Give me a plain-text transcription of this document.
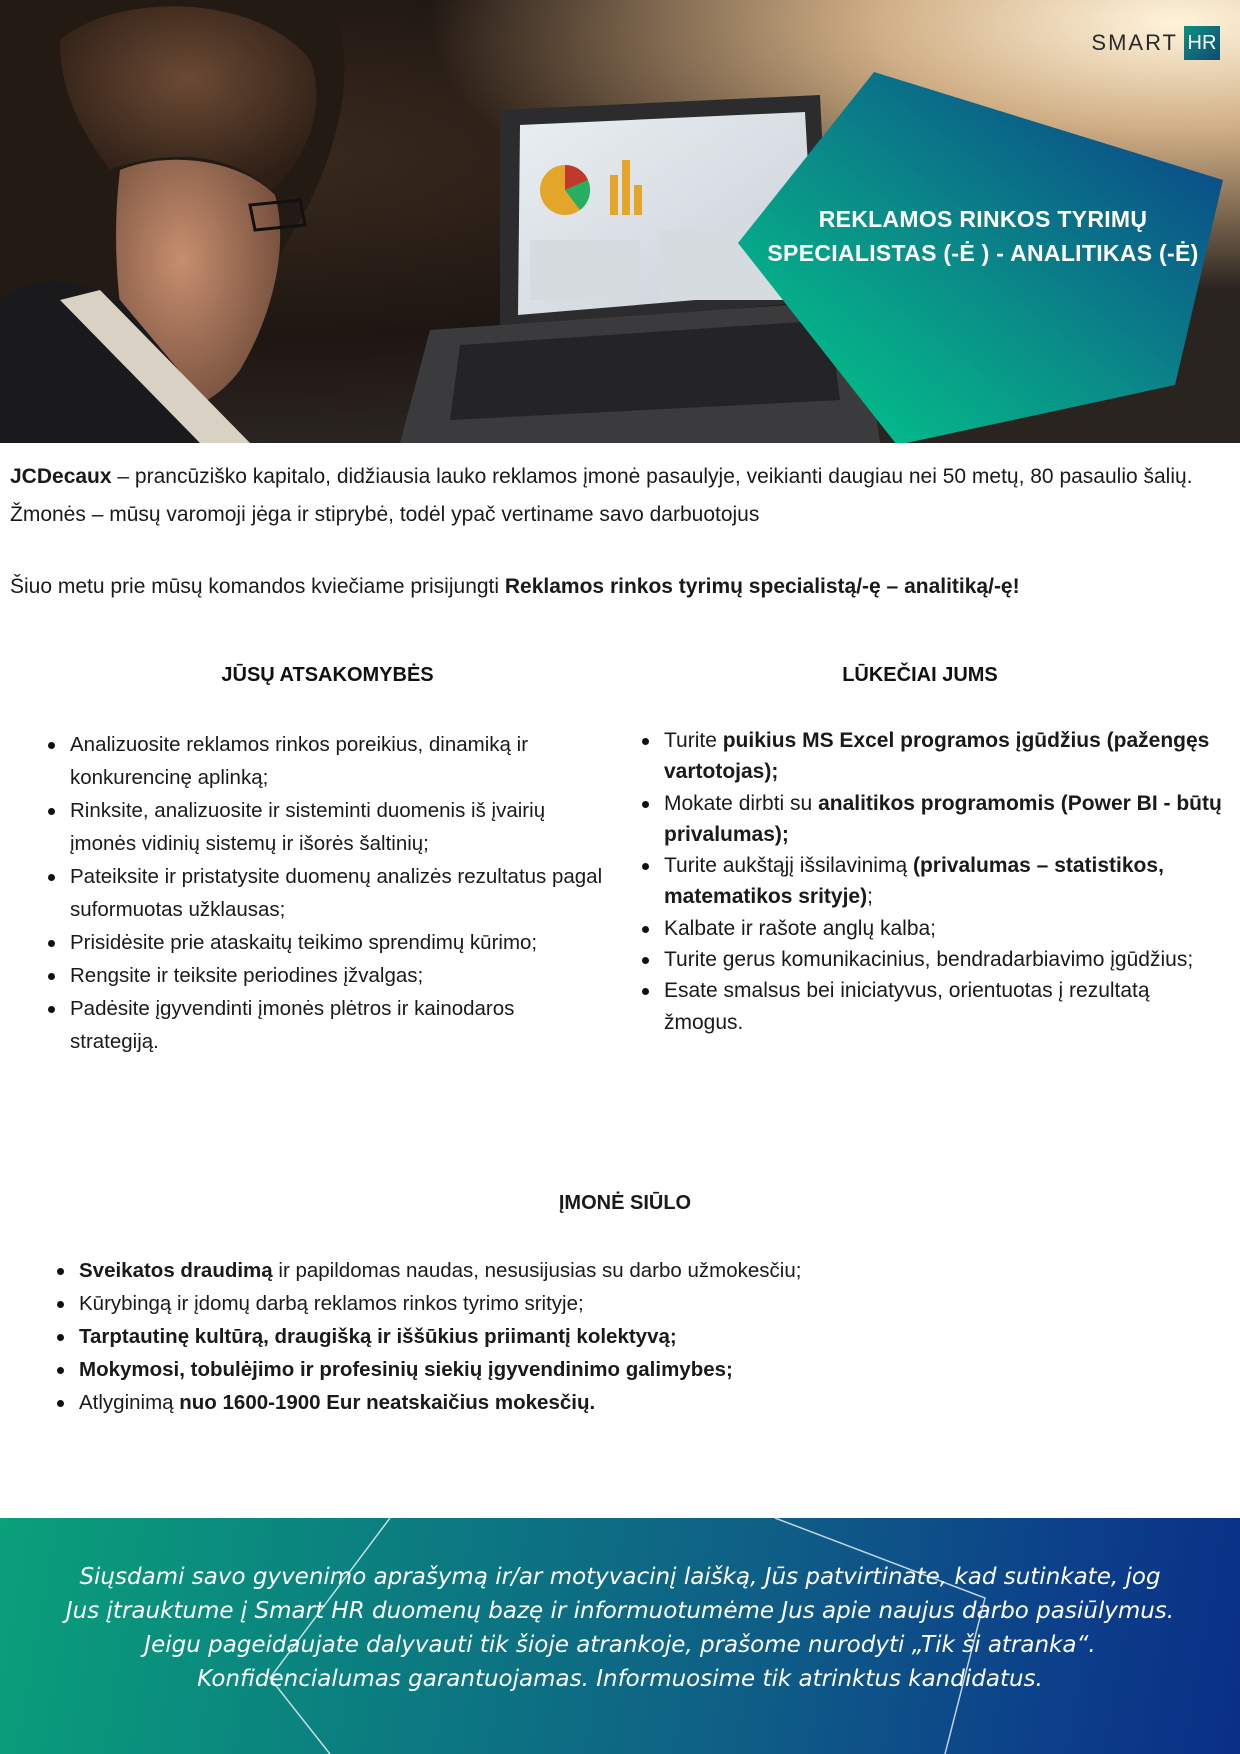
SMART HR
REKLAMOS RINKOS TYRIMŲ
SPECIALISTAS (-Ė ) - ANALITIKAS (-Ė)

JCDecaux – prancūziško kapitalo, didžiausia lauko reklamos įmonė pasaulyje, veikianti daugiau nei 50 metų, 80 pasaulio šalių. Žmonės – mūsų varomoji jėga ir stiprybė, todėl ypač vertiname savo darbuotojus

Šiuo metu prie mūsų komandos kviečiame prisijungti Reklamos rinkos tyrimų specialistą/-ę – analitiką/-ę!

JŪSŲ ATSAKOMYBĖS
Analizuosite reklamos rinkos poreikius, dinamiką ir konkurencinę aplinką;
Rinksite, analizuosite ir sisteminti duomenis iš įvairių įmonės vidinių sistemų ir išorės šaltinių;
Pateiksite ir pristatysite duomenų analizės rezultatus pagal suformuotas užklausas;
Prisidėsite prie ataskaitų teikimo sprendimų kūrimo;
Rengsite ir teiksite periodines įžvalgas;
Padėsite įgyvendinti įmonės plėtros ir kainodaros strategiją.
LŪKEČIAI JUMS
Turite puikius MS Excel programos įgūdžius (pažengęs vartotojas);
Mokate dirbti su analitikos programomis (Power BI - būtų privalumas);
Turite aukštąjį išsilavinimą (privalumas – statistikos, matematikos srityje);
Kalbate ir rašote anglų kalba;
Turite gerus komunikacinius, bendradarbiavimo įgūdžius;
Esate smalsus bei iniciatyvus, orientuotas į rezultatą žmogus.
ĮMONĖ SIŪLO
Sveikatos draudimą ir papildomas naudas, nesusijusias su darbo užmokesčiu;
Kūrybingą ir įdomų darbą reklamos rinkos tyrimo srityje;
Tarptautinę kultūrą, draugišką ir iššūkius priimantį kolektyvą;
Mokymosi, tobulėjimo ir profesinių siekių įgyvendinimo galimybes;
Atlyginimą nuo 1600-1900 Eur neatskaičius mokesčių.

Siųsdami savo gyvenimo aprašymą ir/ar motyvacinį laišką, Jūs patvirtinate, kad sutinkate, jog Jus įtrauktume į Smart HR duomenų bazę ir informuotumėme Jus apie naujus darbo pasiūlymus. Jeigu pageidaujate dalyvauti tik šioje atrankoje, prašome nurodyti „Tik ši atranka“. Konfidencialumas garantuojamas. Informuosime tik atrinktus kandidatus.
